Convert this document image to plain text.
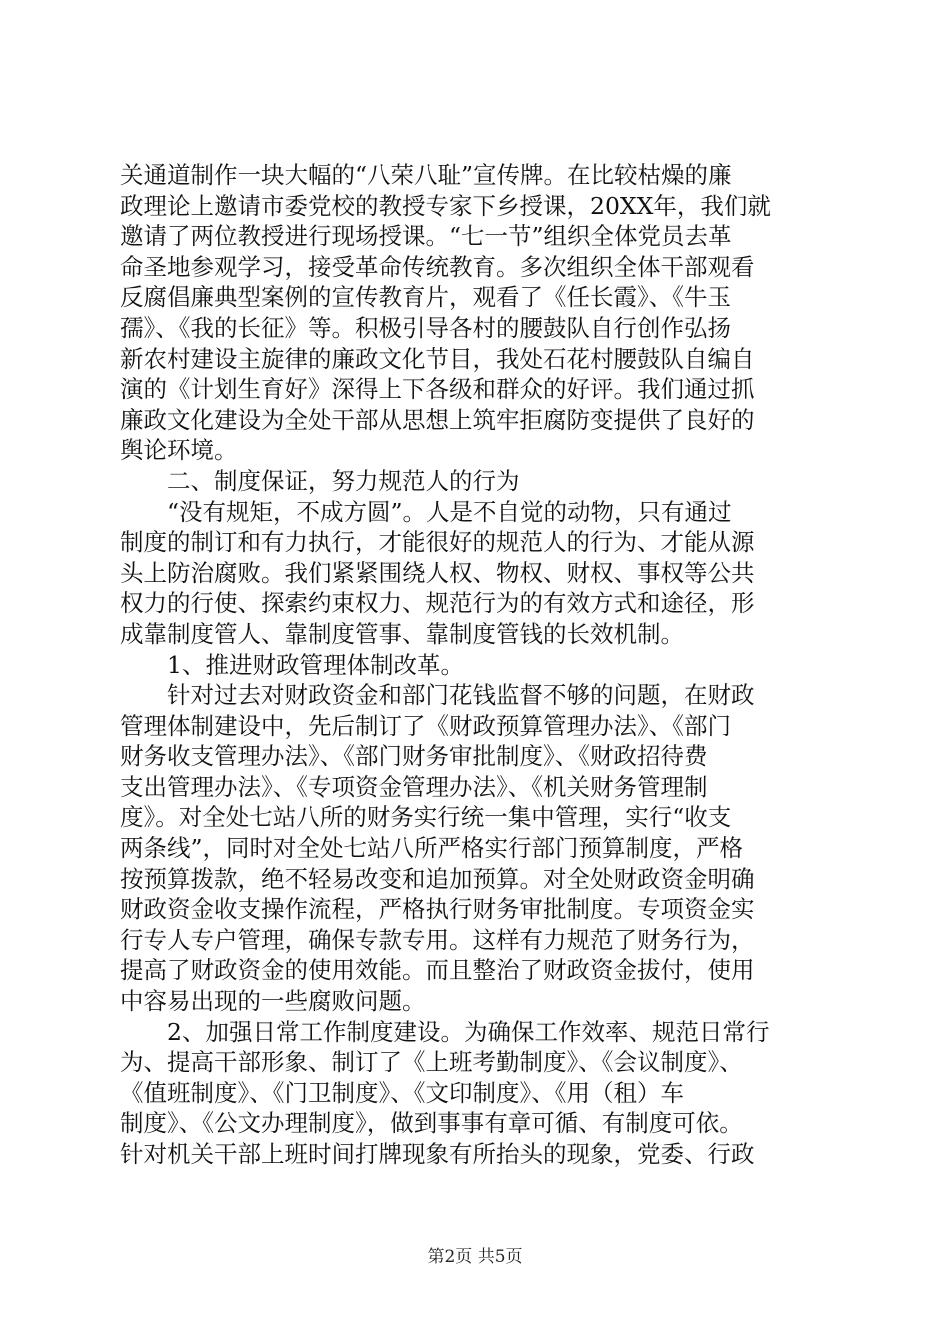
关通道制作一块大幅的“八荣八耻”宣传牌。在比较枯燥的廉
政理论上邀请市委党校的教授专家下乡授课，20XX年，我们就
邀请了两位教授进行现场授课。“七一节”组织全体党员去革
命圣地参观学习，接受革命传统教育。多次组织全体干部观看
反腐倡廉典型案例的宣传教育片，观看了《任长霞》、《牛玉
孺》、《我的长征》等。积极引导各村的腰鼓队自行创作弘扬
新农村建设主旋律的廉政文化节目，我处石花村腰鼓队自编自
演的《计划生育好》深得上下各级和群众的好评。我们通过抓
廉政文化建设为全处干部从思想上筑牢拒腐防变提供了良好的
舆论环境。
　　二、制度保证，努力规范人的行为
　　“没有规矩，不成方圆”。人是不自觉的动物，只有通过
制度的制订和有力执行，才能很好的规范人的行为、才能从源
头上防治腐败。我们紧紧围绕人权、物权、财权、事权等公共
权力的行使、探索约束权力、规范行为的有效方式和途径，形
成靠制度管人、靠制度管事、靠制度管钱的长效机制。
　　1、推进财政管理体制改革。
　　针对过去对财政资金和部门花钱监督不够的问题，在财政
管理体制建设中，先后制订了《财政预算管理办法》、《部门
财务收支管理办法》、《部门财务审批制度》、《财政招待费
支出管理办法》、《专项资金管理办法》、《机关财务管理制
度》。对全处七站八所的财务实行统一集中管理，实行“收支
两条线”，同时对全处七站八所严格实行部门预算制度，严格
按预算拨款，绝不轻易改变和追加预算。对全处财政资金明确
财政资金收支操作流程，严格执行财务审批制度。专项资金实
行专人专户管理，确保专款专用。这样有力规范了财务行为，
提高了财政资金的使用效能。而且整治了财政资金拔付，使用
中容易出现的一些腐败问题。
　　2、加强日常工作制度建设。为确保工作效率、规范日常行
为、提高干部形象、制订了《上班考勤制度》、《会议制度》、
《值班制度》、《门卫制度》、《文印制度》、《用（租）车
制度》、《公文办理制度》，做到事事有章可循、有制度可依。
针对机关干部上班时间打牌现象有所抬头的现象，党委、行政

第2页 共5页
